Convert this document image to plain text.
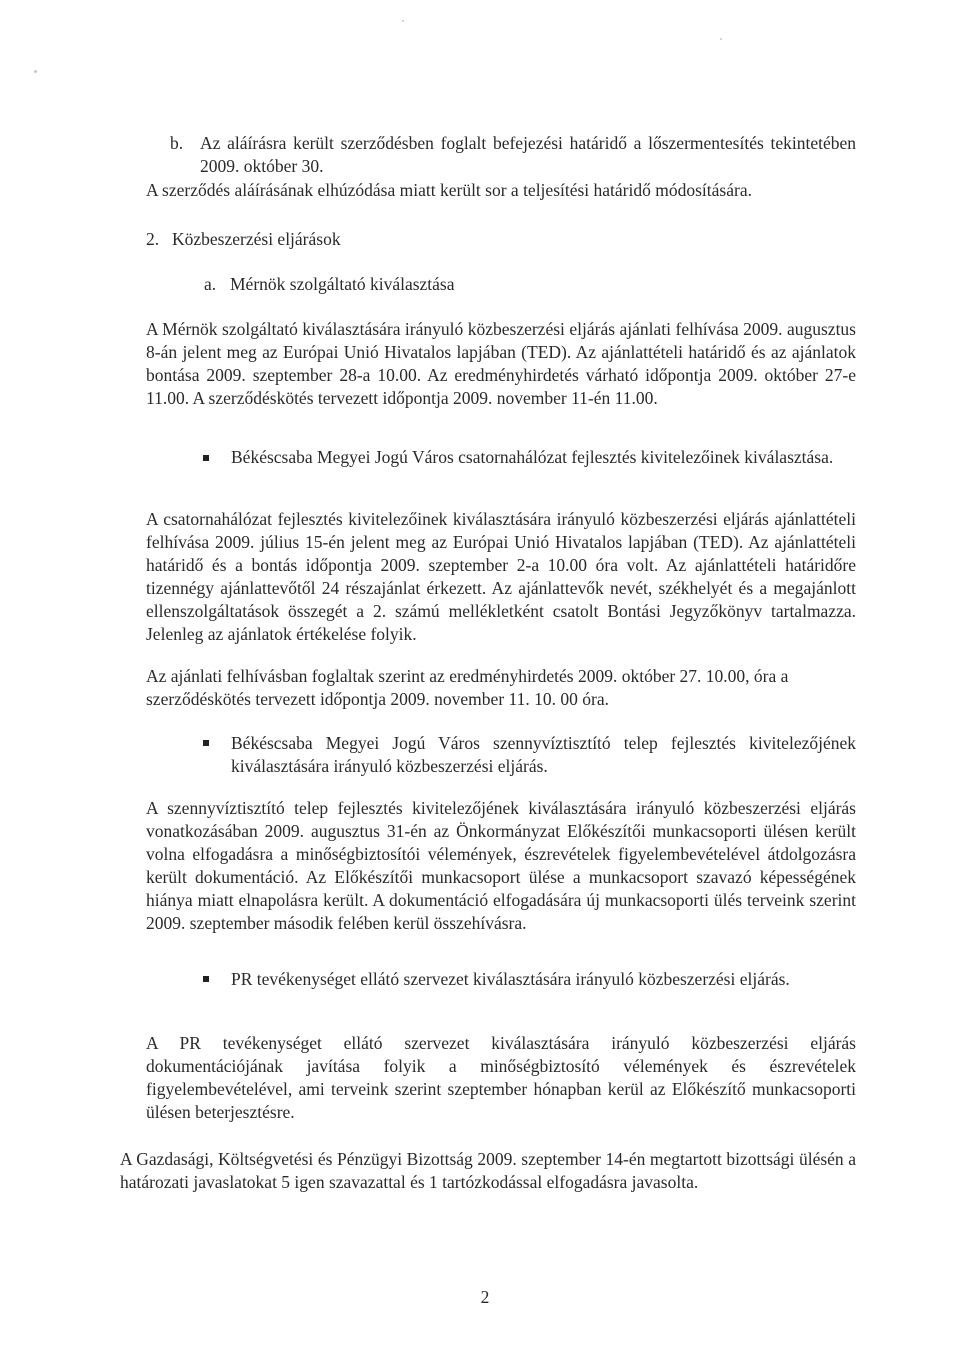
b. Az aláírásra került szerződésben foglalt befejezési határidő a lőszermentesítés tekintetében 2009. október 30.
A szerződés aláírásának elhúzódása miatt került sor a teljesítési határidő módosítására.
2. Közbeszerzési eljárások
a. Mérnök szolgáltató kiválasztása

A Mérnök szolgáltató kiválasztására irányuló közbeszerzési eljárás ajánlati felhívása 2009. augusztus 8-án jelent meg az Európai Unió Hivatalos lapjában (TED). Az ajánlattételi határidő és az ajánlatok bontása 2009. szeptember 28-a 10.00. Az eredményhirdetés várható időpontja 2009. október 27-e 11.00. A szerződéskötés tervezett időpontja 2009. november 11-én 11.00.

Békéscsaba Megyei Jogú Város csatornahálózat fejlesztés kivitelezőinek kiválasztása.

A csatornahálózat fejlesztés kivitelezőinek kiválasztására irányuló közbeszerzési eljárás ajánlattételi felhívása 2009. július 15-én jelent meg az Európai Unió Hivatalos lapjában (TED). Az ajánlattételi határidő és a bontás időpontja 2009. szeptember 2-a 10.00 óra volt. Az ajánlattételi határidőre tizennégy ajánlattevőtől 24 részajánlat érkezett. Az ajánlattevők nevét, székhelyét és a megajánlott ellenszolgáltatások összegét a 2. számú mellékletként csatolt Bontási Jegyzőkönyv tartalmazza. Jelenleg az ajánlatok értékelése folyik.

Az ajánlati felhívásban foglaltak szerint az eredményhirdetés 2009. október 27. 10.00, óra a szerződéskötés tervezett időpontja 2009. november 11. 10. 00 óra.

Békéscsaba Megyei Jogú Város szennyvíztisztító telep fejlesztés kivitelezőjének kiválasztására irányuló közbeszerzési eljárás.

A szennyvíztisztító telep fejlesztés kivitelezőjének kiválasztására irányuló közbeszerzési eljárás vonatkozásában 2009. augusztus 31-én az Önkormányzat Előkészítői munkacsoporti ülésen került volna elfogadásra a minőségbiztosítói vélemények, észrevételek figyelembevételével átdolgozásra került dokumentáció. Az Előkészítői munkacsoport ülése a munkacsoport szavazó képességének hiánya miatt elnapolásra került. A dokumentáció elfogadására új munkacsoporti ülés terveink szerint 2009. szeptember második felében kerül összehívásra.

PR tevékenységet ellátó szervezet kiválasztására irányuló közbeszerzési eljárás.

A PR tevékenységet ellátó szervezet kiválasztására irányuló közbeszerzési eljárás dokumentációjának javítása folyik a minőségbiztosító vélemények és észrevételek figyelembevételével, ami terveink szerint szeptember hónapban kerül az Előkészítő munkacsoporti ülésen beterjesztésre.

A Gazdasági, Költségvetési és Pénzügyi Bizottság 2009. szeptember 14-én megtartott bizottsági ülésén a határozati javaslatokat 5 igen szavazattal és 1 tartózkodással elfogadásra javasolta.

2
